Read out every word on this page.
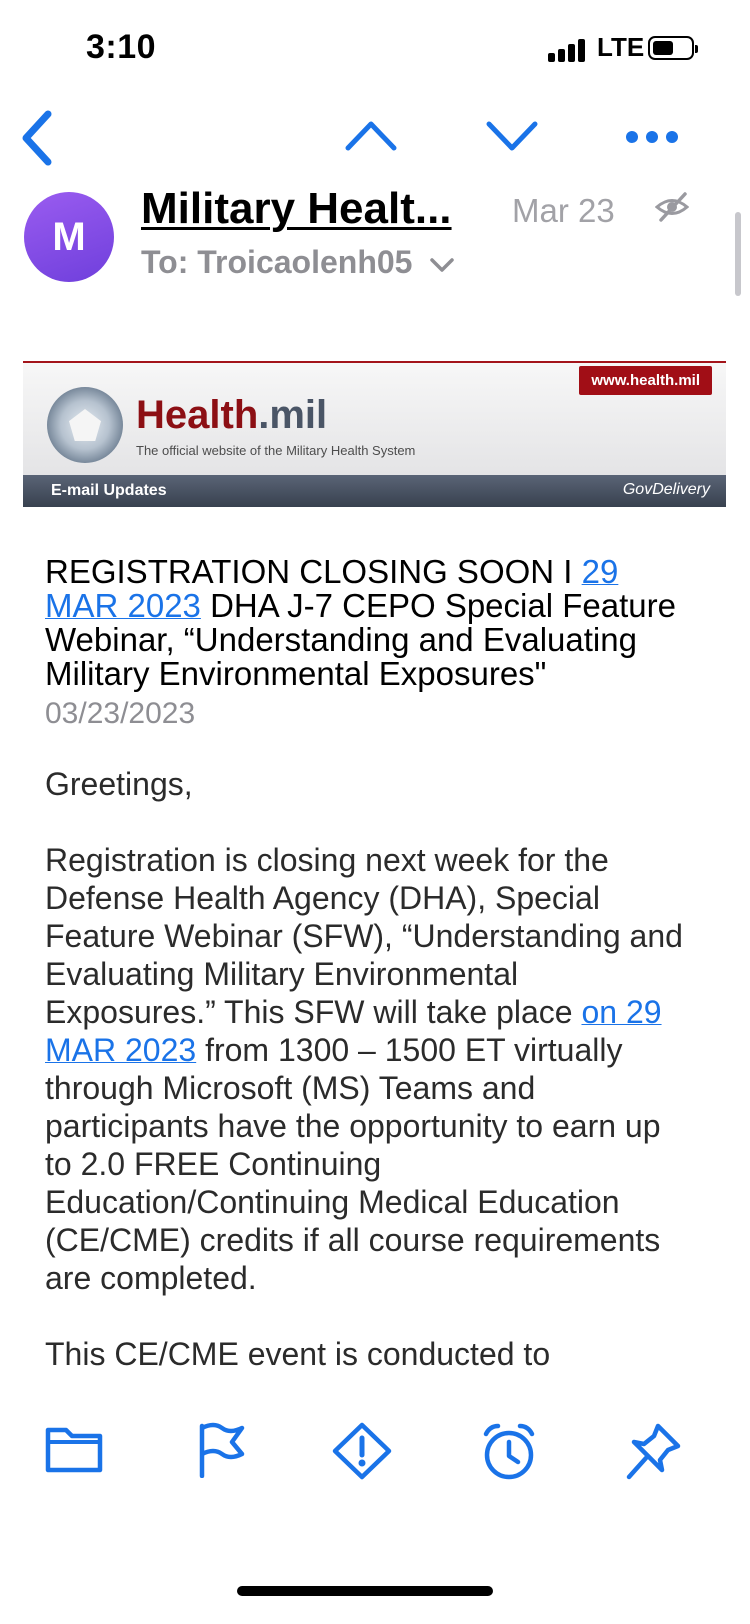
3:10	LTE
M
Military Healt... Mar 23
To: Troicaolenh05
www.health.mil
Health.mil
The official website of the Military Health System
E-mail Updates	GovDelivery
REGISTRATION CLOSING SOON I 29 MAR 2023 DHA J-7 CEPO Special Feature Webinar, “Understanding and Evaluating Military Environmental Exposures"
03/23/2023
Greetings,
Registration is closing next week for the Defense Health Agency (DHA), Special Feature Webinar (SFW), “Understanding and Evaluating Military Environmental Exposures.” This SFW will take place on 29 MAR 2023 from 1300 – 1500 ET virtually through Microsoft (MS) Teams and participants have the opportunity to earn up to 2.0 FREE Continuing Education/Continuing Medical Education (CE/CME) credits if all course requirements are completed.
This CE/CME event is conducted to
